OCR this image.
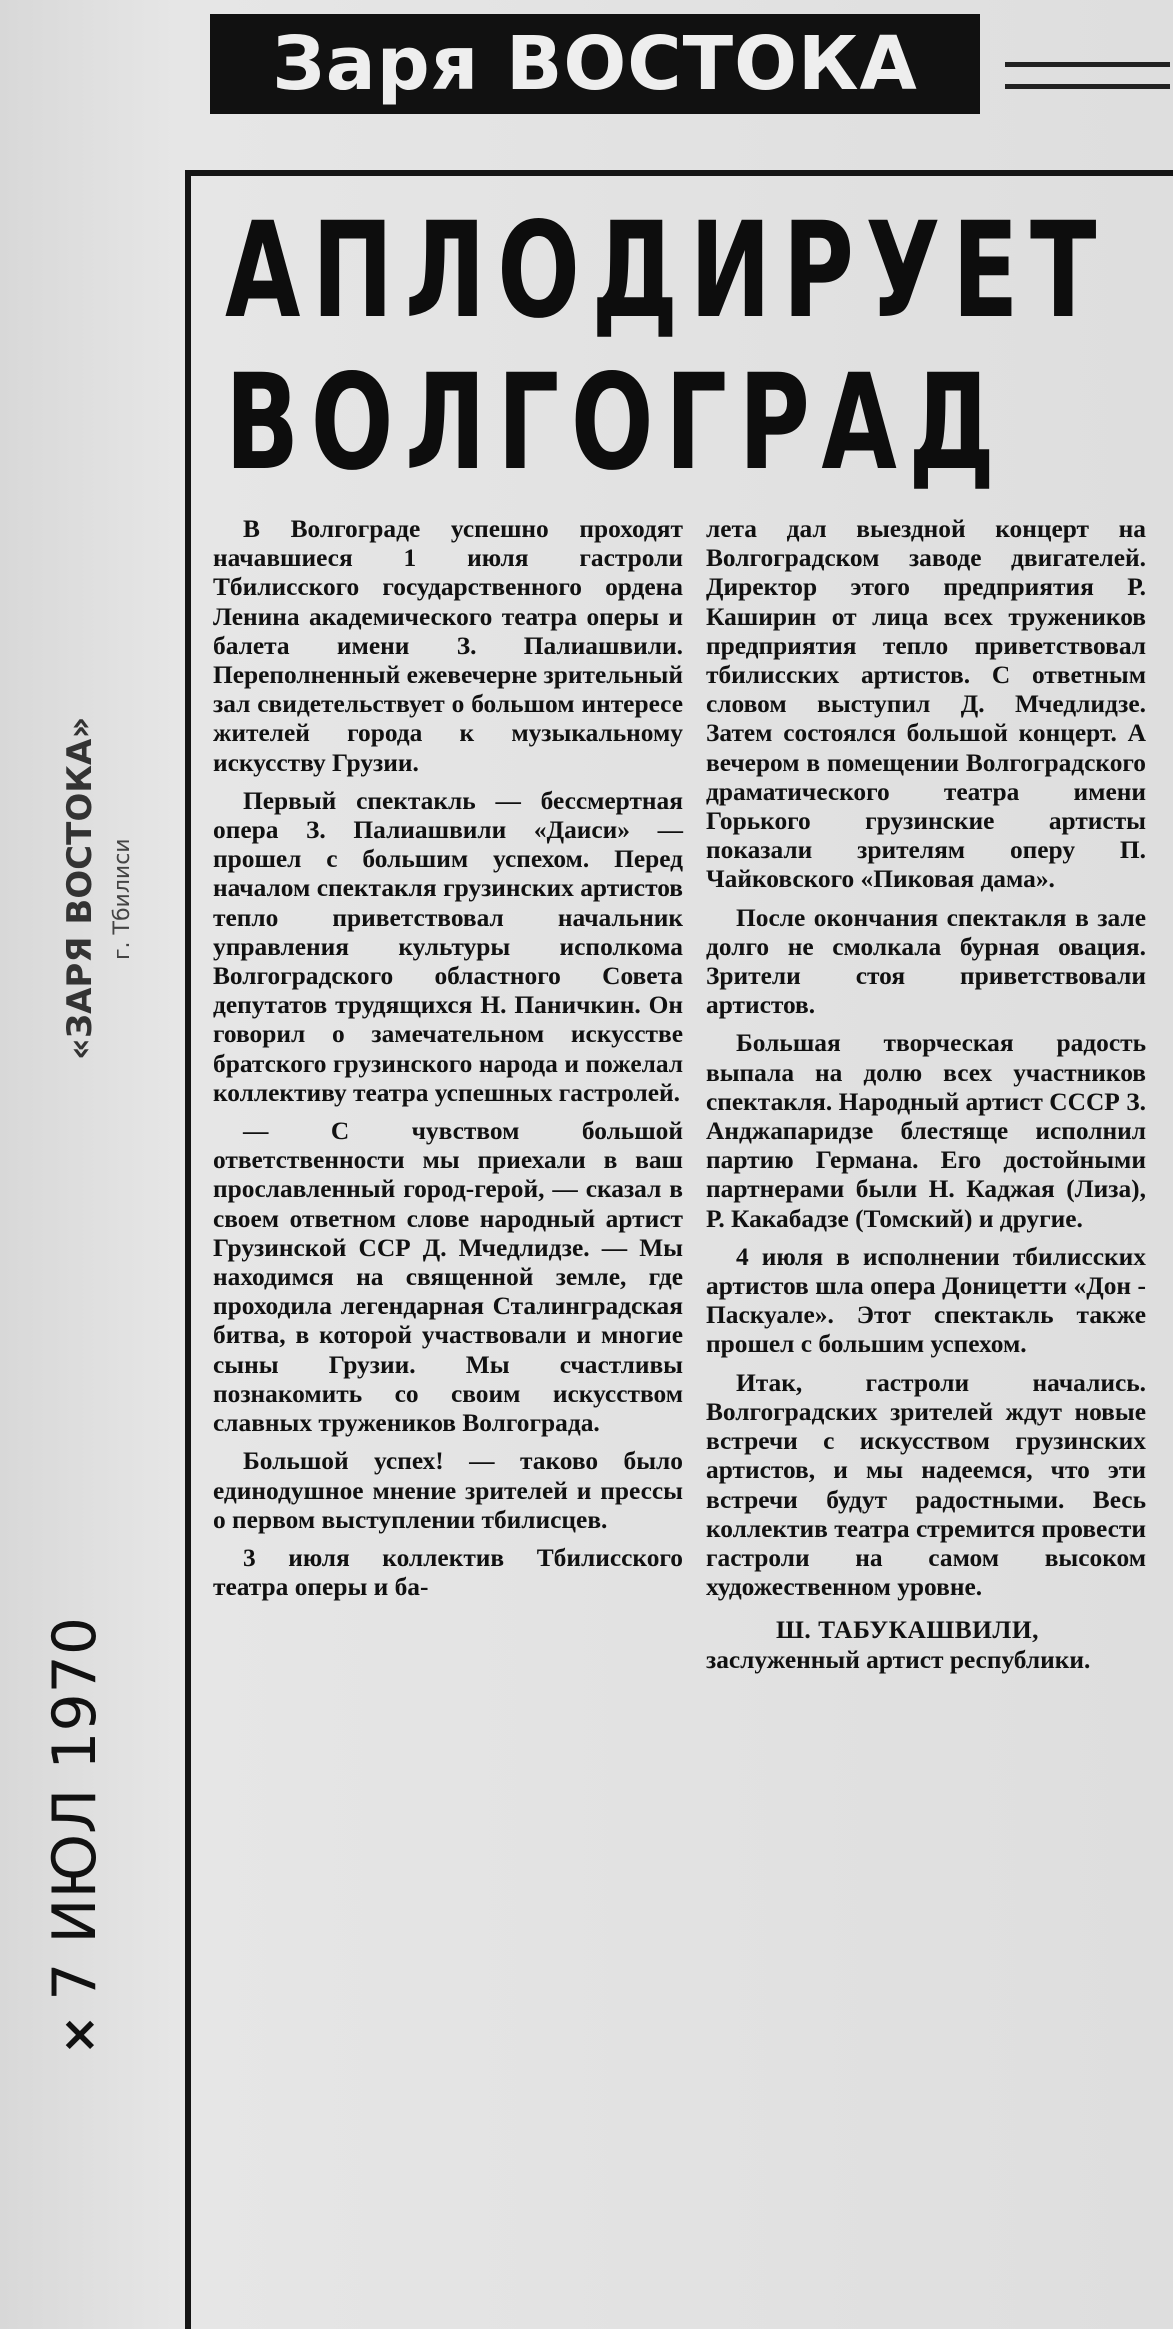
Заря ВОСТОКА
АПЛОДИРУЕТ
ВОЛГОГРАД
«ЗАРЯ ВОСТОКА» г. Тбилиси
×7 ИЮЛ 1970

В Волгограде успешно проходят начавшиеся 1 июля гастроли Тбилисского государственного ордена Ленина академического театра оперы и балета имени З. Палиашвили. Переполненный ежевечерне зрительный зал свидетельствует о большом интересе жителей города к музыкальному искусству Грузии.

Первый спектакль — бессмертная опера З. Палиашвили «Даиси» — прошел с большим успехом. Перед началом спектакля грузинских артистов тепло приветствовал начальник управления культуры исполкома Волгоградского областного Совета депутатов трудящихся Н. Паничкин. Он говорил о замечательном искусстве братского грузинского народа и пожелал коллективу театра успешных гастролей.

— С чувством большой ответственности мы приехали в ваш прославленный город-герой, — сказал в своем ответном слове народный артист Грузинской ССР Д. Мчедлидзе. — Мы находимся на священной земле, где проходила легендарная Сталинградская битва, в которой участвовали и многие сыны Грузии. Мы счастливы познакомить со своим искусством славных тружеников Волгограда.

Большой успех! — таково было единодушное мнение зрителей и прессы о первом выступлении тбилисцев.

3 июля коллектив Тбилисского театра оперы и ба-

лета дал выездной концерт на Волгоградском заводе двигателей. Директор этого предприятия Р. Каширин от лица всех тружеников предприятия тепло приветствовал тбилисских артистов. С ответным словом выступил Д. Мчедлидзе. Затем состоялся большой концерт. А вечером в помещении Волгоградского драматического театра имени Горького грузинские артисты показали зрителям оперу П. Чайковского «Пиковая дама».

После окончания спектакля в зале долго не смолкала бурная овация. Зрители стоя приветствовали артистов.

Большая творческая радость выпала на долю всех участников спектакля. Народный артист СССР З. Анджапаридзе блестяще исполнил партию Германа. Его достойными партнерами были Н. Каджая (Лиза), Р. Какабадзе (Томский) и другие.

4 июля в исполнении тбилисских артистов шла опера Доницетти «Дон - Паскуале». Этот спектакль также прошел с большим успехом.

Итак, гастроли начались. Волгоградских зрителей ждут новые встречи с искусством грузинских артистов, и мы надеемся, что эти встречи будут радостными. Весь коллектив театра стремится провести гастроли на самом высоком художественном уровне.

Ш. ТАБУКАШВИЛИ,
заслуженный артист республики.
